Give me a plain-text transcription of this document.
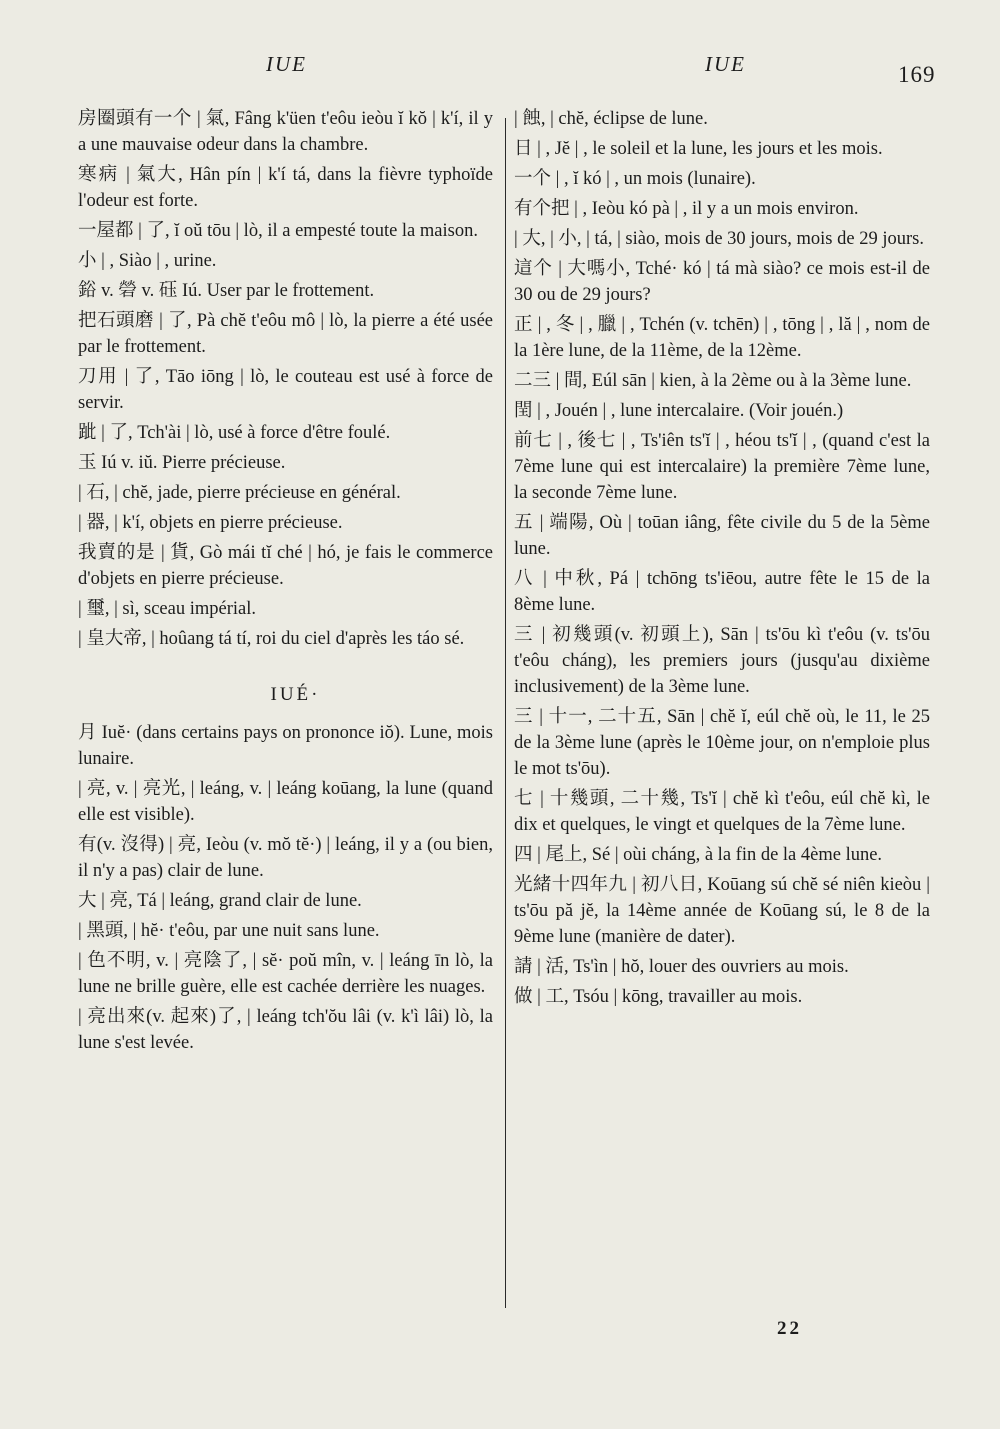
IUE	IUE	169
房圈頭有一个 | 氣, Fâng k'üen t'eôu ieòu ĭ kŏ | k'í, il y a une mauvaise odeur dans la chambre.
寒病 | 氣大, Hân pín | k'í tá, dans la fièvre typhoïde l'odeur est forte.
一屋都 | 了, ĭ oŭ tōu | lò, il a empesté toute la maison.
小 | , Siào | , urine.
鋊 v. 䃕 v. 砡 Iú. User par le frottement.
把石頭磨 | 了, Pà chĕ t'eôu mô | lò, la pierre a été usée par le frottement.
刀用 | 了, Tāo iōng | lò, le couteau est usé à force de servir.
跐 | 了, Tch'ài | lò, usé à force d'être foulé.
玉 Iú v. iŭ. Pierre précieuse.
| 石, | chĕ, jade, pierre précieuse en général.
| 器, | k'í, objets en pierre précieuse.
我賣的是 | 貨, Gò mái tĭ ché | hó, je fais le commerce d'objets en pierre précieuse.
| 璽, | sì, sceau impérial.
| 皇大帝, | hoûang tá tí, roi du ciel d'après les táo sé.
IUÉ·
月 Iuĕ· (dans certains pays on prononce iŏ). Lune, mois lunaire.
| 亮, v. | 亮光, | leáng, v. | leáng koūang, la lune (quand elle est visible).
有(v. 沒得) | 亮, Ieòu (v. mŏ tĕ·) | leáng, il y a (ou bien, il n'y a pas) clair de lune.
大 | 亮, Tá | leáng, grand clair de lune.
| 黑頭, | hĕ· t'eôu, par une nuit sans lune.
| 色不明, v. | 亮陰了, | sĕ· poŭ mîn, v. | leáng īn lò, la lune ne brille guère, elle est cachée derrière les nuages.
| 亮出來(v. 起來)了, | leáng tch'ŏu lâi (v. k'ì lâi) lò, la lune s'est levée.
| 蝕, | chĕ, éclipse de lune.
日 | , Jĕ | , le soleil et la lune, les jours et les mois.
一个 | , ĭ kó | , un mois (lunaire).
有个把 | , Ieòu kó pà | , il y a un mois environ.
| 大, | 小, | tá, | siào, mois de 30 jours, mois de 29 jours.
這个 | 大嗎小, Tché· kó | tá mà siào? ce mois est-il de 30 ou de 29 jours?
正 | , 冬 | , 臘 | , Tchén (v. tchēn) | , tōng | , lă | , nom de la 1ère lune, de la 11ème, de la 12ème.
二三 | 間, Eúl sān | kien, à la 2ème ou à la 3ème lune.
閏 | , Jouén | , lune intercalaire. (Voir jouén.)
前七 | , 後七 | , Ts'iên ts'ĭ | , héou ts'ĭ | , (quand c'est la 7ème lune qui est intercalaire) la première 7ème lune, la seconde 7ème lune.
五 | 端陽, Où | toūan iâng, fête civile du 5 de la 5ème lune.
八 | 中秋, Pá | tchōng ts'iēou, autre fête le 15 de la 8ème lune.
三 | 初幾頭(v. 初頭上), Sān | ts'ōu kì t'eôu (v. ts'ōu t'eôu cháng), les premiers jours (jusqu'au dixième inclusivement) de la 3ème lune.
三 | 十一, 二十五, Sān | chĕ ĭ, eúl chĕ où, le 11, le 25 de la 3ème lune (après le 10ème jour, on n'emploie plus le mot ts'ōu).
七 | 十幾頭, 二十幾, Ts'ĭ | chĕ kì t'eôu, eúl chĕ kì, le dix et quelques, le vingt et quelques de la 7ème lune.
四 | 尾上, Sé | oùi cháng, à la fin de la 4ème lune.
光緒十四年九 | 初八日, Koūang sú chĕ sé niên kieòu | ts'ōu pă jĕ, la 14ème année de Koūang sú, le 8 de la 9ème lune (manière de dater).
請 | 活, Ts'ìn | hŏ, louer des ouvriers au mois.
做 | 工, Tsóu | kōng, travailler au mois.
22
